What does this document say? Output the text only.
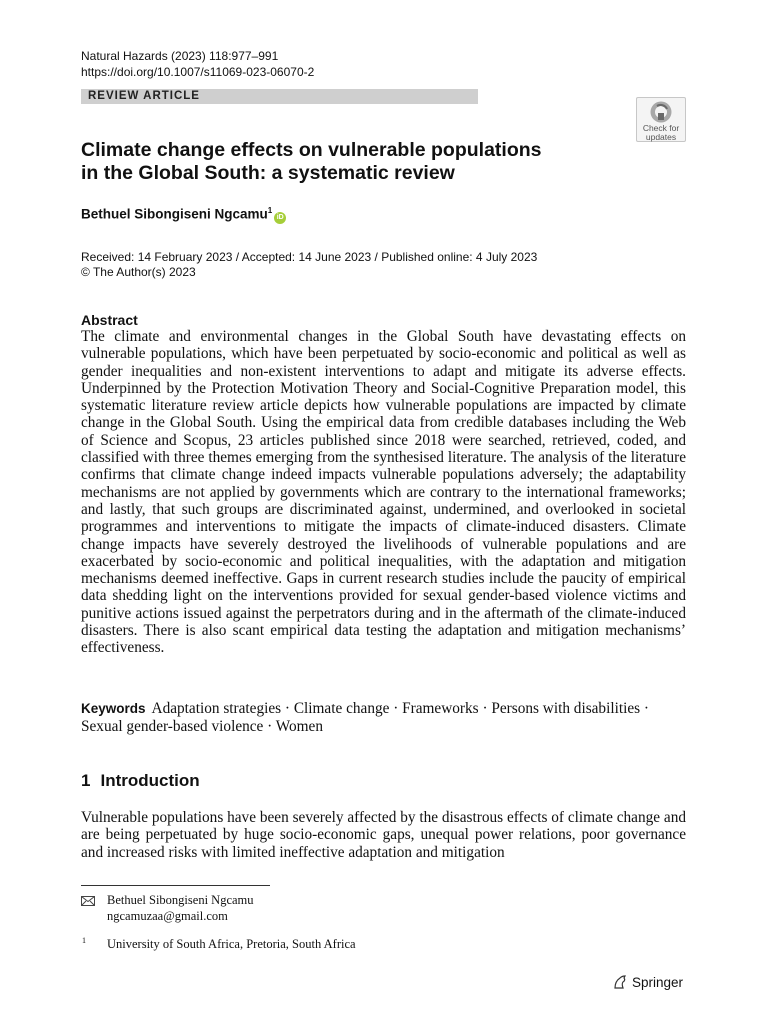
Natural Hazards (2023) 118:977–991
https://doi.org/10.1007/s11069-023-06070-2
REVIEW ARTICLE
Check for
updates
Climate change effects on vulnerable populations
in the Global South: a systematic review
Bethuel Sibongiseni Ngcamu$^1$iD
Received: 14 February 2023 / Accepted: 14 June 2023 / Published online: 4 July 2023
© The Author(s) 2023
Abstract
The climate and environmental changes in the Global South have devastating effects on vulnerable populations, which have been perpetuated by socio-economic and political as well as gender inequalities and non-existent interventions to adapt and mitigate its adverse effects. Underpinned by the Protection Motivation Theory and Social-Cognitive Preparation model, this systematic literature review article depicts how vulnerable populations are impacted by climate change in the Global South. Using the empirical data from credible databases including the Web of Science and Scopus, 23 articles published since 2018 were searched, retrieved, coded, and classified with three themes emerging from the synthesised literature. The analysis of the literature confirms that climate change indeed impacts vulnerable populations adversely; the adaptability mechanisms are not applied by governments which are contrary to the international frameworks; and lastly, that such groups are discriminated against, undermined, and overlooked in societal programmes and interventions to mitigate the impacts of climate-induced disasters. Climate change impacts have severely destroyed the livelihoods of vulnerable populations and are exacerbated by socio-economic and political inequalities, with the adaptation and mitigation mechanisms deemed ineffective. Gaps in current research studies include the paucity of empirical data shedding light on the interventions provided for sexual gender-based violence victims and punitive actions issued against the perpetrators during and in the aftermath of the climate-induced disasters. There is also scant empirical data testing the adaptation and mitigation mechanisms’ effectiveness.
Keywords Adaptation strategies · Climate change · Frameworks · Persons with disabilities · Sexual gender-based violence · Women
1 Introduction
Vulnerable populations have been severely affected by the disastrous effects of climate change and are being perpetuated by huge socio-economic gaps, unequal power relations, poor governance and increased risks with limited ineffective adaptation and mitigation
Bethuel Sibongiseni Ngcamu
ngcamuzaa@gmail.com
1 University of South Africa, Pretoria, South Africa
Springer
